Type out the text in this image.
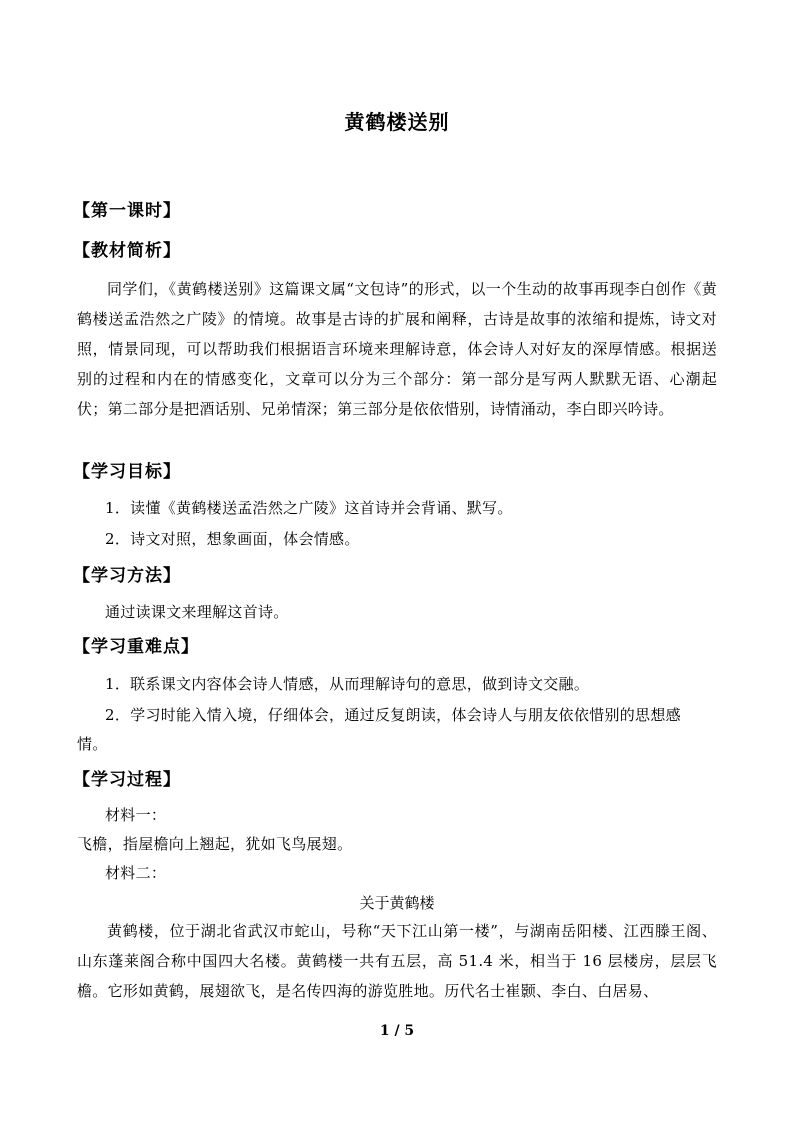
黄鹤楼送别
【第一课时】
【教材简析】
同学们，《黄鹤楼送别》这篇课文属“文包诗”的形式，以一个生动的故事再现李白创作《黄鹤楼送孟浩然之广陵》的情境。故事是古诗的扩展和阐释，古诗是故事的浓缩和提炼，诗文对照，情景同现，可以帮助我们根据语言环境来理解诗意，体会诗人对好友的深厚情感。根据送别的过程和内在的情感变化，文章可以分为三个部分：第一部分是写两人默默无语、心潮起伏；第二部分是把酒话别、兄弟情深；第三部分是依依惜别，诗情涌动，李白即兴吟诗。
【学习目标】
1．读懂《黄鹤楼送孟浩然之广陵》这首诗并会背诵、默写。
2．诗文对照，想象画面，体会情感。
【学习方法】
通过读课文来理解这首诗。
【学习重难点】
1．联系课文内容体会诗人情感，从而理解诗句的意思，做到诗文交融。
2．学习时能入情入境，仔细体会，通过反复朗读，体会诗人与朋友依依惜别的思想感
情。
【学习过程】
材料一：
飞檐，指屋檐向上翘起，犹如飞鸟展翅。
材料二：
关于黄鹤楼
黄鹤楼，位于湖北省武汉市蛇山，号称“天下江山第一楼”，与湖南岳阳楼、江西滕王阁、山东蓬莱阁合称中国四大名楼。黄鹤楼一共有五层，高 51.4 米，相当于 16 层楼房，层层飞檐。它形如黄鹤，展翅欲飞，是名传四海的游览胜地。历代名士崔颢、李白、白居易、
1 / 5
